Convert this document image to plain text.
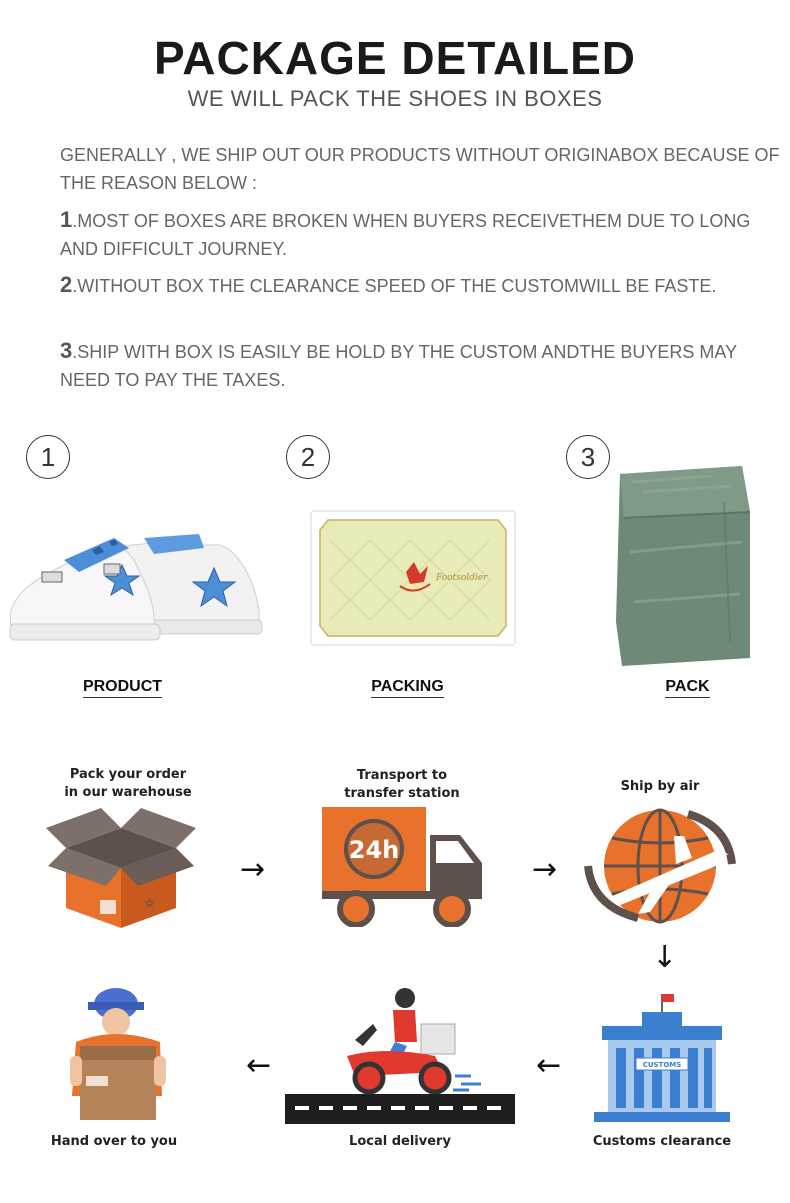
PACKAGE DETAILED
WE WILL PACK THE SHOES IN BOXES
GENERALLY , WE SHIP OUT OUR PRODUCTS WITHOUT ORIGINABOX BECAUSE OF THE REASON BELOW :
1.MOST OF BOXES ARE BROKEN WHEN BUYERS RECEIVETHEM DUE TO LONG AND DIFFICULT JOURNEY.
2.WITHOUT BOX THE CLEARANCE SPEED OF THE CUSTOMWILL BE FASTE.
3.SHIP WITH BOX IS EASILY BE HOLD BY THE CUSTOM ANDTHE BUYERS MAY NEED TO PAY THE TAXES.
1	2	3
PRODUCT
Footsoldier
PACKING	PACK
Pack your order
in our warehouse
⛤
→
Transport to
transfer station
24h
→
Ship by air
↓
Hand over to you
←
Local delivery
←	CUSTOMS
Customs clearance
